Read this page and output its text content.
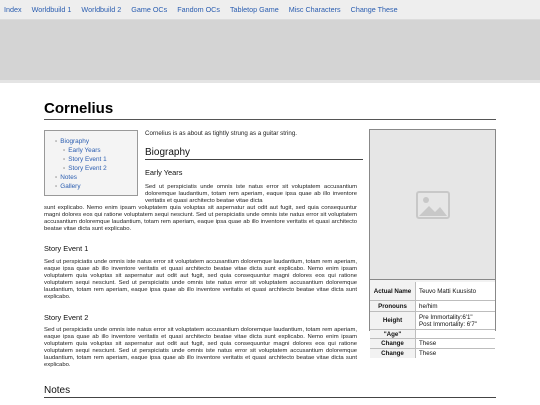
Index Worldbuild 1 Worldbuild 2 Game OCs Fandom OCs Tabletop Game Misc Characters Change These
Cornelius
◦ Biography
◦ Early Years
◦ Story Event 1
◦ Story Event 2
◦ Notes
◦ Gallery
Cornelius is as about as tightly strung as a guitar string.
Biography
Early Years
Sed ut perspiciatis unde omnis iste natus error sit voluptatem accusantium doloremque laudantium, totam rem aperiam, eaque ipsa quae ab illo inventore veritatis et quasi architecto beatae vitae dicta
sunt explicabo. Nemo enim ipsam voluptatem quia voluptas sit aspernatur aut odit aut fugit, sed quia consequuntur magni dolores eos qui ratione voluptatem sequi nesciunt. Sed ut perspiciatis unde omnis iste natus error sit voluptatem accusantium doloremque laudantium, totam rem aperiam, eaque ipsa quae ab illo inventore veritatis et quasi architecto beatae vitae dicta sunt explicabo.
Story Event 1
Sed ut perspiciatis unde omnis iste natus error sit voluptatem accusantium doloremque laudantium, totam rem aperiam, eaque ipsa quae ab illo inventore veritatis et quasi architecto beatae vitae dicta sunt explicabo. Nemo enim ipsam voluptatem quia voluptas sit aspernatur aut odit aut fugit, sed quia consequuntur magni dolores eos qui ratione voluptatem sequi nesciunt. Sed ut perspiciatis unde omnis iste natus error sit voluptatem accusantium doloremque laudantium, totam rem aperiam, eaque ipsa quae ab illo inventore veritatis et quasi architecto beatae vitae dicta sunt explicabo.
Story Event 2
Sed ut perspiciatis unde omnis iste natus error sit voluptatem accusantium doloremque laudantium, totam rem aperiam, eaque ipsa quae ab illo inventore veritatis et quasi architecto beatae vitae dicta sunt explicabo. Nemo enim ipsam voluptatem quia voluptas sit aspernatur aut odit aut fugit, sed quia consequuntur magni dolores eos qui ratione voluptatem sequi nesciunt. Sed ut perspiciatis unde omnis iste natus error sit voluptatem accusantium doloremque laudantium, totam rem aperiam, eaque ipsa quae ab illo inventore veritatis et quasi architecto beatae vitae dicta sunt explicabo.
Notes
Actual Name	Teuvo Matti Kuusisto
Pronouns	he/him
Height	Pre Immortality:6'1"
Post Immortality: 6'7"
"Age"
Change	These
Change	These
